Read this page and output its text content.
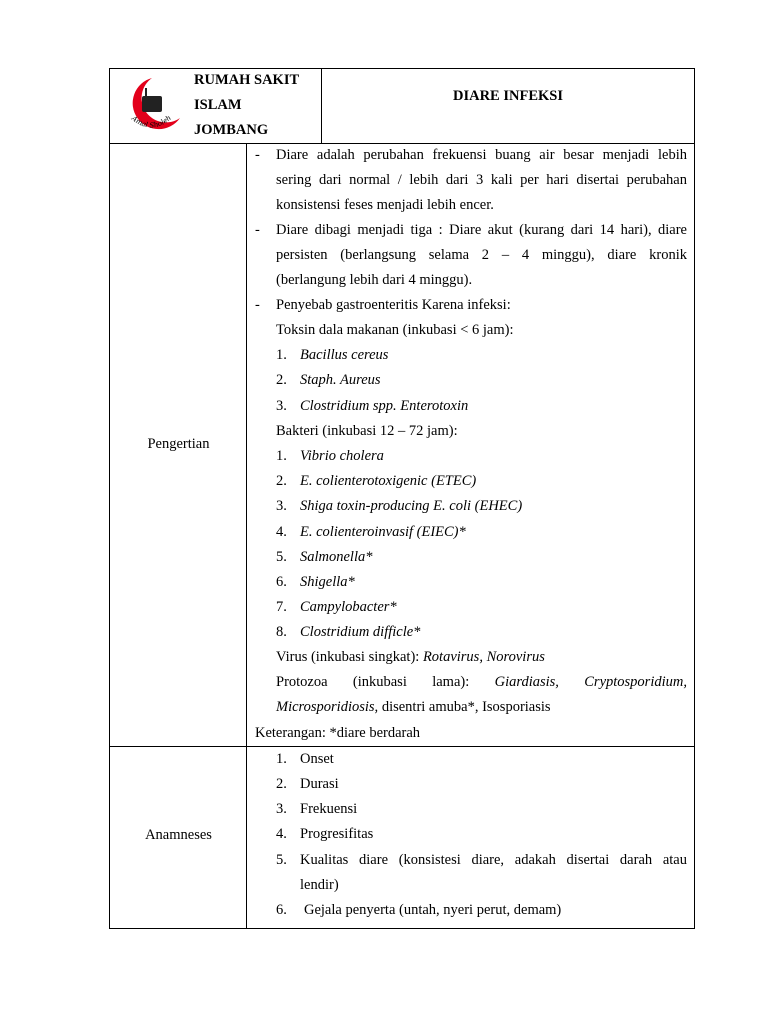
Amal Sholeh
RUMAH SAKIT
ISLAM
JOMBANG
DIARE INFEKSI
Pengertian
- Diare adalah perubahan frekuensi buang air besar menjadi lebih
sering dari normal / lebih dari 3 kali per hari disertai perubahan
konsistensi feses menjadi lebih encer.
- Diare dibagi menjadi tiga : Diare akut (kurang dari 14 hari), diare
persisten (berlangsung selama 2 – 4 minggu), diare kronik
(berlangung lebih dari 4 minggu).
- Penyebab gastroenteritis Karena infeksi:
Toksin dala makanan (inkubasi < 6 jam):
1. Bacillus cereus
2. Staph. Aureus
3. Clostridium spp. Enterotoxin
Bakteri (inkubasi 12 – 72 jam):
1. Vibrio cholera
2. E. colienterotoxigenic (ETEC)
3. Shiga toxin-producing E. coli (EHEC)
4. E. colienteroinvasif (EIEC)*
5. Salmonella*
6. Shigella*
7. Campylobacter*
8. Clostridium difficle*
Virus (inkubasi singkat): Rotavirus, Norovirus
Protozoa (inkubasi lama): Giardiasis, Cryptosporidium,
Microsporidiosis, disentri amuba*, Isosporiasis
Keterangan: *diare berdarah
Anamneses
1. Onset
2. Durasi
3. Frekuensi
4. Progresifitas
5. Kualitas diare (konsistesi diare, adakah disertai darah atau
lendir)
6. Gejala penyerta (untah, nyeri perut, demam)
